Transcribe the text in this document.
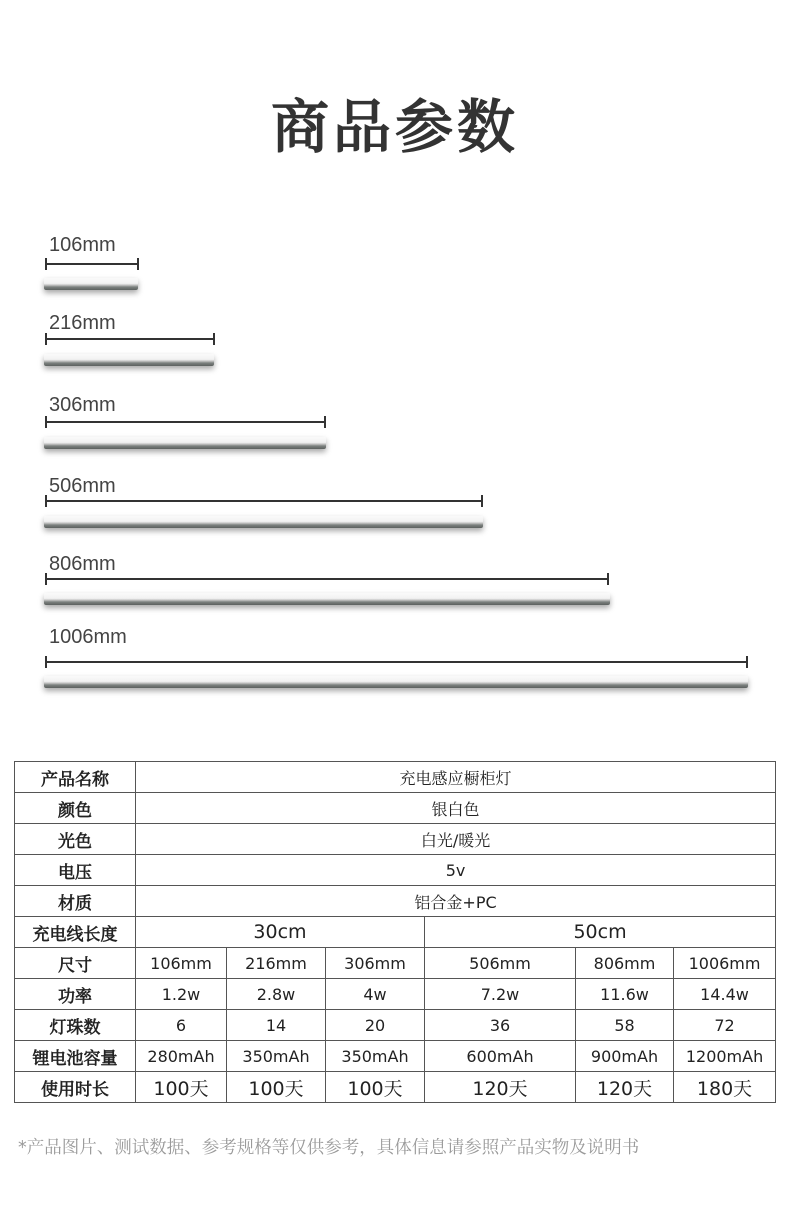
商品参数
106mm
216mm
306mm
506mm
806mm
1006mm
产品名称	充电感应橱柜灯					
颜色	银白色					
光色	白光/暖光					
电压	5v					
材质	铝合金+PC					
充电线长度	30cm			50cm		
尺寸	106mm	216mm	306mm	506mm	806mm	1006mm
功率	1.2w	2.8w	4w	7.2w	11.6w	14.4w
灯珠数	6	14	20	36	58	72
锂电池容量	280mAh	350mAh	350mAh	600mAh	900mAh	1200mAh
使用时长	100天	100天	100天	120天	120天	180天
*产品图片、测试数据、参考规格等仅供参考，具体信息请参照产品实物及说明书
